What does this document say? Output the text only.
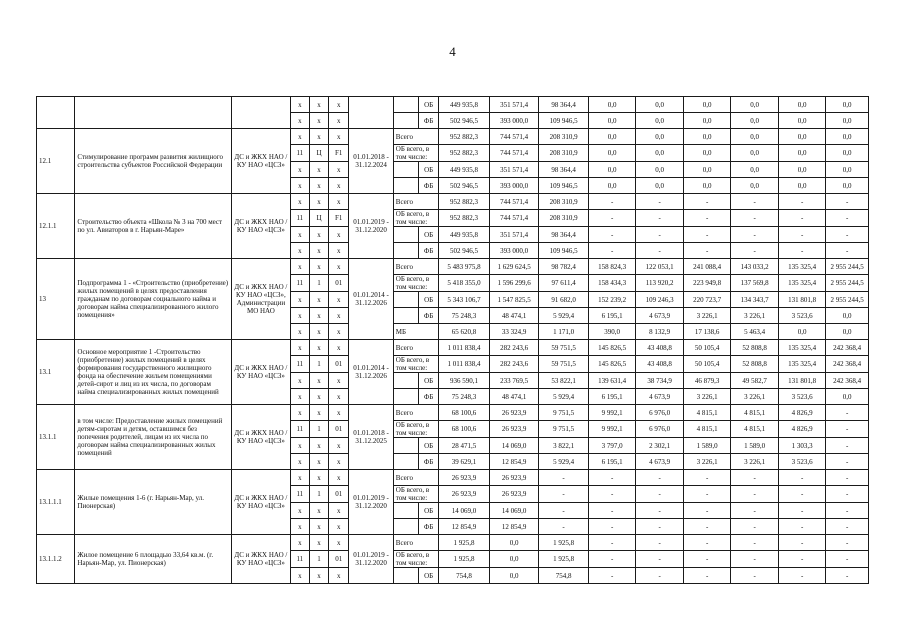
4
			х	х	х			ОБ	449 935,8	351 571,4	98 364,4	0,0	0,0	0,0	0,0	0,0	0,0
			х	х	х			ФБ	502 946,5	393 000,0	109 946,5	0,0	0,0	0,0	0,0	0,0	0,0
12.1	Стимулирование программ развития жилищного строительства субъектов Российской Федерации	ДС и ЖКХ НАО / КУ НАО «ЦСЗ»	х	х	х	01.01.2018 - 31.12.2024	Всего		952 882,3	744 571,4	208 310,9	0,0	0,0	0,0	0,0	0,0	0,0
			11	Ц	F1		ОБ всего, в том числе:		952 882,3	744 571,4	208 310,9	0,0	0,0	0,0	0,0	0,0	0,0
			х	х	х			ОБ	449 935,8	351 571,4	98 364,4	0,0	0,0	0,0	0,0	0,0	0,0
			х	х	х			ФБ	502 946,5	393 000,0	109 946,5	0,0	0,0	0,0	0,0	0,0	0,0
12.1.1	Строительство объекта «Школа № 3 на 700 мест по ул. Авиаторов в г. Нарьян-Маре»	ДС и ЖКХ НАО / КУ НАО «ЦСЗ»	х	х	х	01.01.2019 - 31.12.2020	Всего		952 882,3	744 571,4	208 310,9	-	-	-	-	-	-
			11	Ц	F1		ОБ всего, в том числе:		952 882,3	744 571,4	208 310,9	-	-	-	-	-	-
			х	х	х			ОБ	449 935,8	351 571,4	98 364,4	-	-	-	-	-	-
			х	х	х			ФБ	502 946,5	393 000,0	109 946,5	-	-	-	-	-	-
13	Подпрограмма 1 - «Строительство (приобретение) жилых помещений в целях предоставления гражданам по договорам социального найма и договорам найма специализированного жилого помещения»	ДС и ЖКХ НАО / КУ НАО «ЦСЗ», Администрации МО НАО	х	х	х	01.01.2014 - 31.12.2026	Всего		5 483 975,8	1 629 624,5	98 782,4	158 824,3	122 053,1	241 088,4	143 033,2	135 325,4	2 955 244,5
			11	1	01		ОБ всего, в том числе:		5 418 355,0	1 596 299,6	97 611,4	158 434,3	113 920,2	223 949,8	137 569,8	135 325,4	2 955 244,5
			х	х	х			ОБ	5 343 106,7	1 547 825,5	91 682,0	152 239,2	109 246,3	220 723,7	134 343,7	131 801,8	2 955 244,5
			х	х	х			ФБ	75 248,3	48 474,1	5 929,4	6 195,1	4 673,9	3 226,1	3 226,1	3 523,6	0,0
			х	х	х		МБ		65 620,8	33 324,9	1 171,0	390,0	8 132,9	17 138,6	5 463,4	0,0	0,0
13.1	Основное мероприятие 1 -Строительство (приобретение) жилых помещений в целях формирования государственного жилищного фонда на обеспечение жильем помещениями детей-сирот и лиц из их числа, по договорам найма специализированных жилых помещений	ДС и ЖКХ НАО / КУ НАО «ЦСЗ»	х	х	х	01.01.2014 - 31.12.2026	Всего		1 011 838,4	282 243,6	59 751,5	145 826,5	43 408,8	50 105,4	52 808,8	135 325,4	242 368,4
			11	1	01		ОБ всего, в том числе:		1 011 838,4	282 243,6	59 751,5	145 826,5	43 408,8	50 105,4	52 808,8	135 325,4	242 368,4
			х	х	х			ОБ	936 590,1	233 769,5	53 822,1	139 631,4	38 734,9	46 879,3	49 582,7	131 801,8	242 368,4
			х	х	х			ФБ	75 248,3	48 474,1	5 929,4	6 195,1	4 673,9	3 226,1	3 226,1	3 523,6	0,0
13.1.1	в том числе: Предоставление жилых помещений детям-сиротам и детям, оставшимся без попечения родителей, лицам из их числа по договорам найма специализированных жилых помещений	ДС и ЖКХ НАО / КУ НАО «ЦСЗ»	х	х	х	01.01.2018 - 31.12.2025	Всего		68 100,6	26 923,9	9 751,5	9 992,1	6 976,0	4 815,1	4 815,1	4 826,9	-
			11	1	01		ОБ всего, в том числе:		68 100,6	26 923,9	9 751,5	9 992,1	6 976,0	4 815,1	4 815,1	4 826,9	-
			х	х	х			ОБ	28 471,5	14 069,0	3 822,1	3 797,0	2 302,1	1 589,0	1 589,0	1 303,3	-
			х	х	х			ФБ	39 629,1	12 854,9	5 929,4	6 195,1	4 673,9	3 226,1	3 226,1	3 523,6	-
13.1.1.1	Жилые помещения 1-6 (г. Нарьян-Мар, ул. Пионерская)	ДС и ЖКХ НАО / КУ НАО «ЦСЗ»	х	х	х	01.01.2019 - 31.12.2020	Всего		26 923,9	26 923,9	-	-	-	-	-	-	-
			11	1	01		ОБ всего, в том числе:		26 923,9	26 923,9	-	-	-	-	-	-	-
			х	х	х			ОБ	14 069,0	14 069,0	-	-	-	-	-	-	-
			х	х	х			ФБ	12 854,9	12 854,9	-	-	-	-	-	-	-
13.1.1.2	Жилое помещение 6 площадью 33,64 кв.м. (г. Нарьян-Мар, ул. Пионерская)	ДС и ЖКХ НАО / КУ НАО «ЦСЗ»	х	х	х	01.01.2019 - 31.12.2020	Всего		1 925,8	0,0	1 925,8	-	-	-	-	-	-
			11	1	01		ОБ всего, в том числе:		1 925,8	0,0	1 925,8	-	-	-	-	-	-
			х	х	х			ОБ	754,8	0,0	754,8	-	-	-	-	-	-
